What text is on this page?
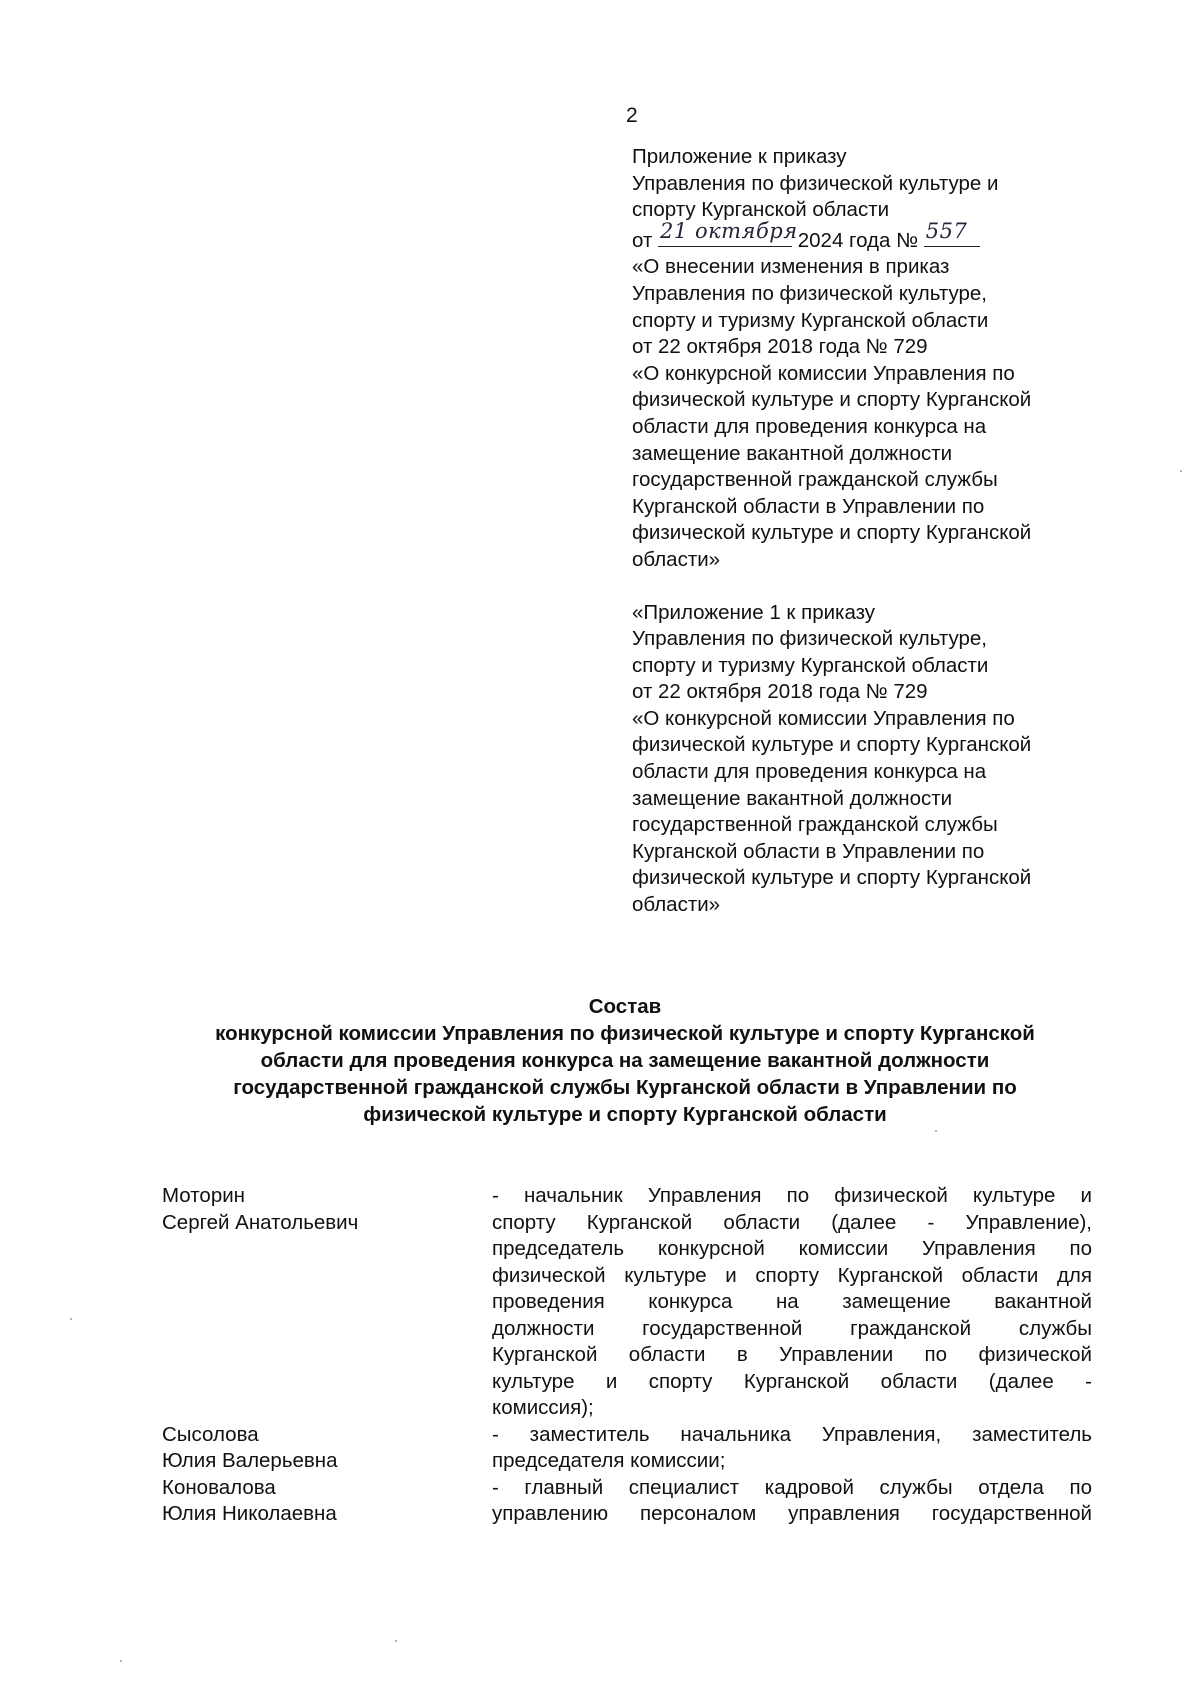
2
Приложение к приказу
Управления по физической культуре и
спорту Курганской области
от 21 октября 2024 года № 557
«О внесении изменения в приказ
Управления по физической культуре,
спорту и туризму Курганской области
от 22 октября 2018 года № 729
«О конкурсной комиссии Управления по
физической культуре и спорту Курганской
области для проведения конкурса на
замещение вакантной должности
государственной гражданской службы
Курганской области в Управлении по
физической культуре и спорту Курганской
области»
«Приложение 1 к приказу
Управления по физической культуре,
спорту и туризму Курганской области
от 22 октября 2018 года № 729
«О конкурсной комиссии Управления по
физической культуре и спорту Курганской
области для проведения конкурса на
замещение вакантной должности
государственной гражданской службы
Курганской области в Управлении по
физической культуре и спорту Курганской
области»
Состав
конкурсной комиссии Управления по физической культуре и спорту Курганской
области для проведения конкурса на замещение вакантной должности
государственной гражданской службы Курганской области в Управлении по
физической культуре и спорту Курганской области
Моторин
Сергей Анатольевич
- начальник Управления по физической культуре и
спорту Курганской области (далее - Управление),
председатель конкурсной комиссии Управления по
физической культуре и спорту Курганской области для
проведения конкурса на замещение вакантной
должности государственной гражданской службы
Курганской области в Управлении по физической
культуре и спорту Курганской области (далее -
комиссия);
Сысолова
Юлия Валерьевна
- заместитель начальника Управления, заместитель
председателя комиссии;
Коновалова
Юлия Николаевна
- главный специалист кадровой службы отдела по
управлению персоналом управления государственной
